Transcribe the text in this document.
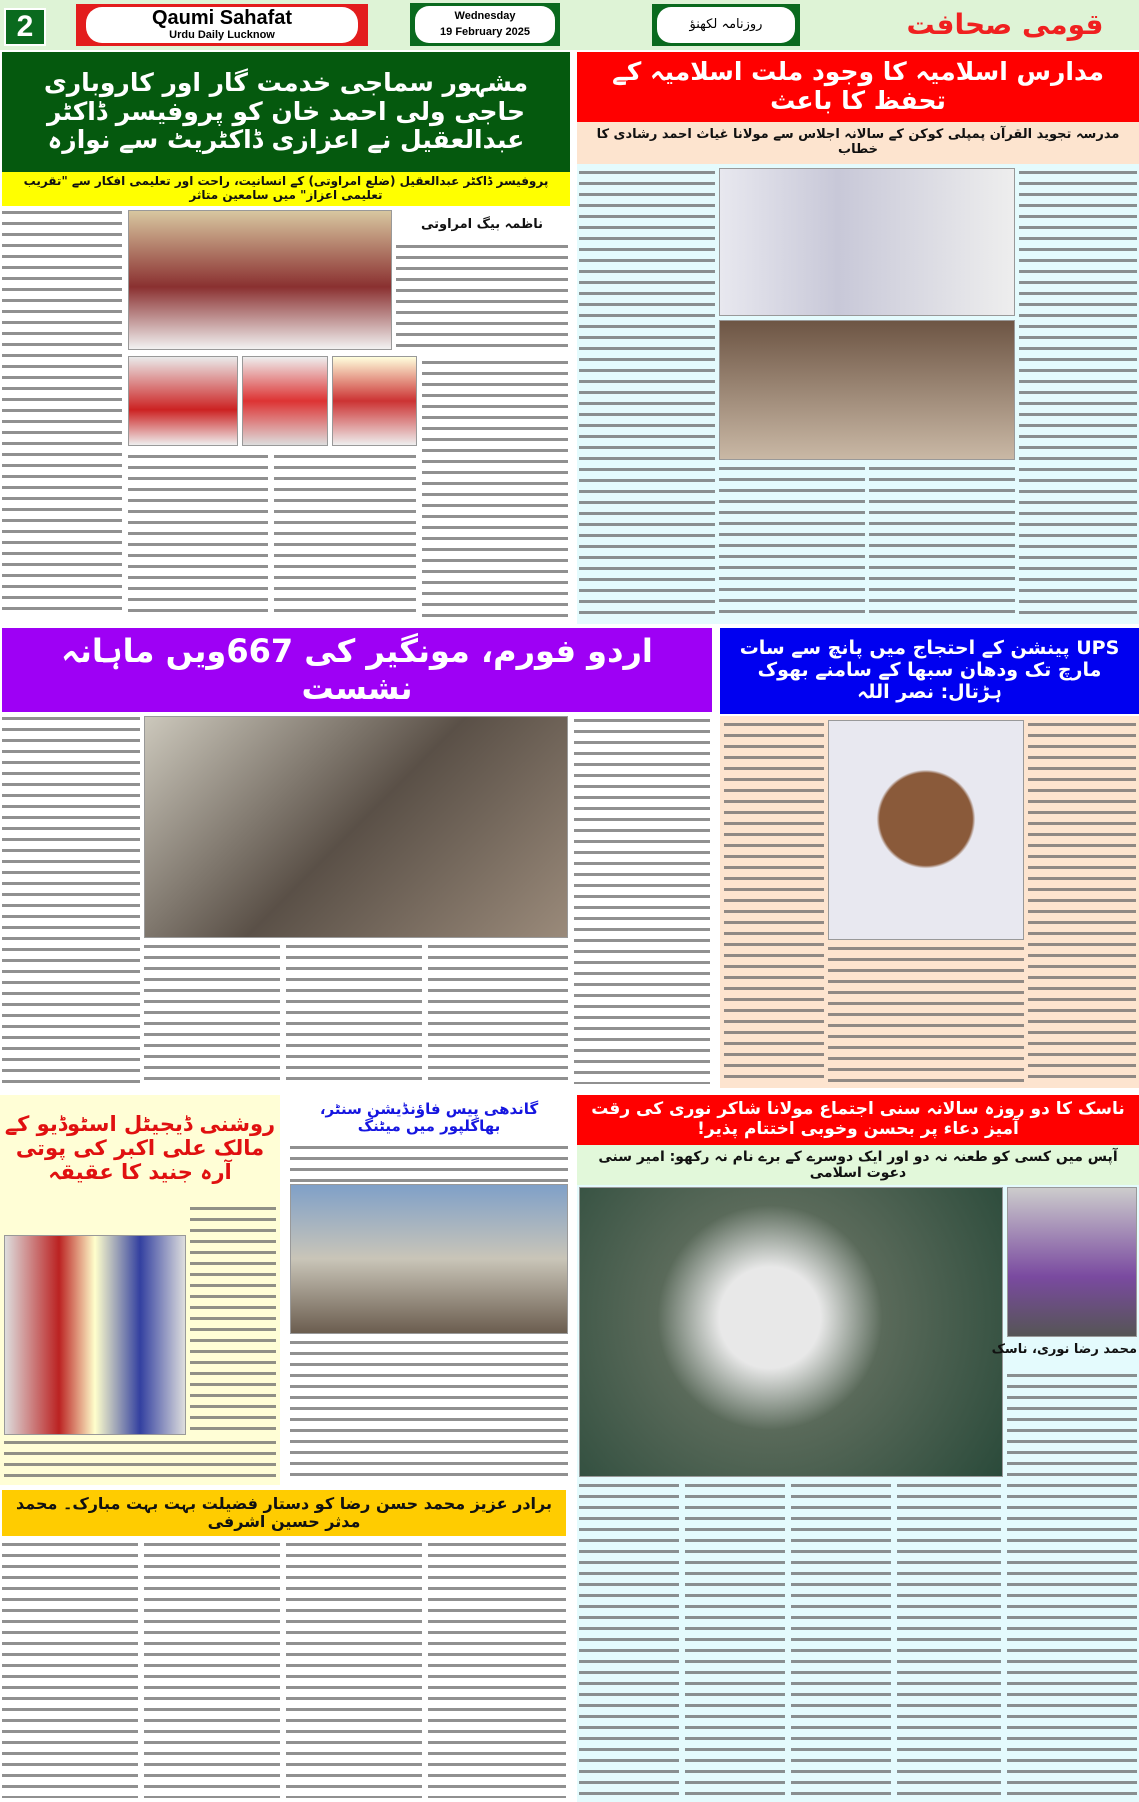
2	Qaumi Sahafat
Urdu Daily Lucknow
Wednesday
19 February 2025	روزنامہ لکھنؤ	قومی صحافت
مشہور سماجی خدمت گار اور کاروباری حاجی ولی احمد خان کو پروفیسر ڈاکٹر عبدالعقیل نے اعزازی ڈاکٹریٹ سے نوازہ
پروفیسر ڈاکٹر عبدالعقیل (ضلع امراوتی) کے انسانیت، راحت اور تعلیمی افکار سے "تقریب تعلیمی اعزاز" میں سامعین متاثر
ناظمہ بیگ امراوتی
مدارس اسلامیہ کا وجود ملت اسلامیہ کے تحفظ کا باعث
مدرسہ تجوید القرآن پمپلی کوکن کے سالانہ اجلاس سے مولانا غیاث احمد رشادی کا خطاب
اردو فورم، مونگیر کی 667ویں ماہانہ نشست
UPS پینشن کے احتجاج میں پانچ سے سات مارچ تک ودھان سبھا کے سامنے بھوک ہڑتال: نصر اللہ
روشنی ڈیجیٹل اسٹوڈیو کے مالک علی اکبر کی پوتی آرہ جنید کا عقیقہ
گاندھی پیس فاؤنڈیشن سنٹر، بھاگلپور میں میٹنگ
ناسک کا دو روزہ سالانہ سنی اجتماع مولانا شاکر نوری کی رقت آمیز دعاء پر بحسن وخوبی اختتام پذیر!
آپس میں کسی کو طعنہ نہ دو اور ایک دوسرے کے برے نام نہ رکھو: امیر سنی دعوت اسلامی
محمد رضا نوری، ناسک
برادر عزیز محمد حسن رضا کو دستار فضیلت بہت بہت مبارک۔ محمد مدثر حسین اشرفی
